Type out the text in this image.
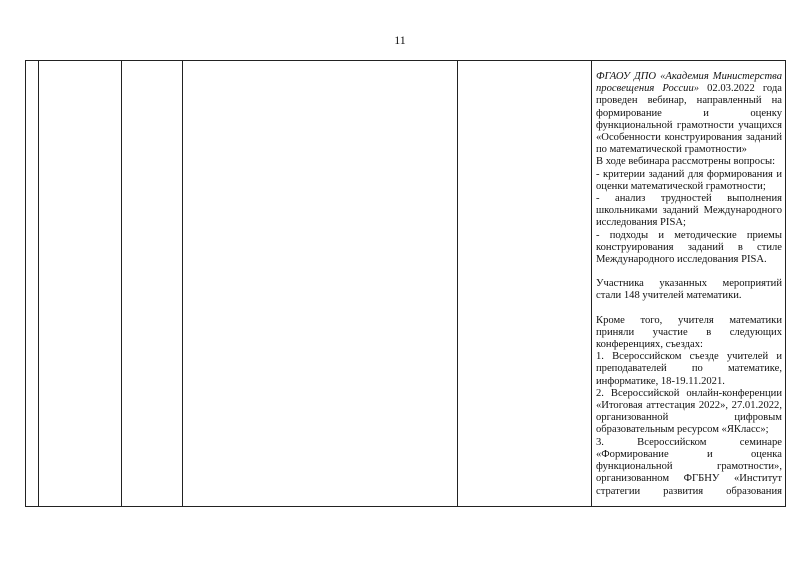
11

ФГАОУ ДПО «Академия Министерства просвещения России» 02.03.2022 года проведен вебинар, направленный на формирование и оценку функциональной грамотности учащихся «Особенности конструирования заданий по математической грамотности»

В ходе вебинара рассмотрены вопросы:

- критерии заданий для формирования и оценки математической грамотности;

- анализ трудностей выполнения школьниками заданий Международного исследования PISA;

- подходы и методические приемы конструирования заданий в стиле Международного исследования PISA.

Участника указанных мероприятий стали 148 учителей математики.

Кроме того, учителя математики приняли участие в следующих конференциях, съездах:

1. Всероссийском съезде учителей и преподавателей по математике, информатике, 18-19.11.2021.

2. Всероссийской онлайн-конференции «Итоговая аттестация 2022», 27.01.2022, организованной цифровым образовательным ресурсом «ЯКласс»;

3. Всероссийском семинаре «Формирование и оценка функциональной грамотности», организованном ФГБНУ «Институт стратегии развития образования
